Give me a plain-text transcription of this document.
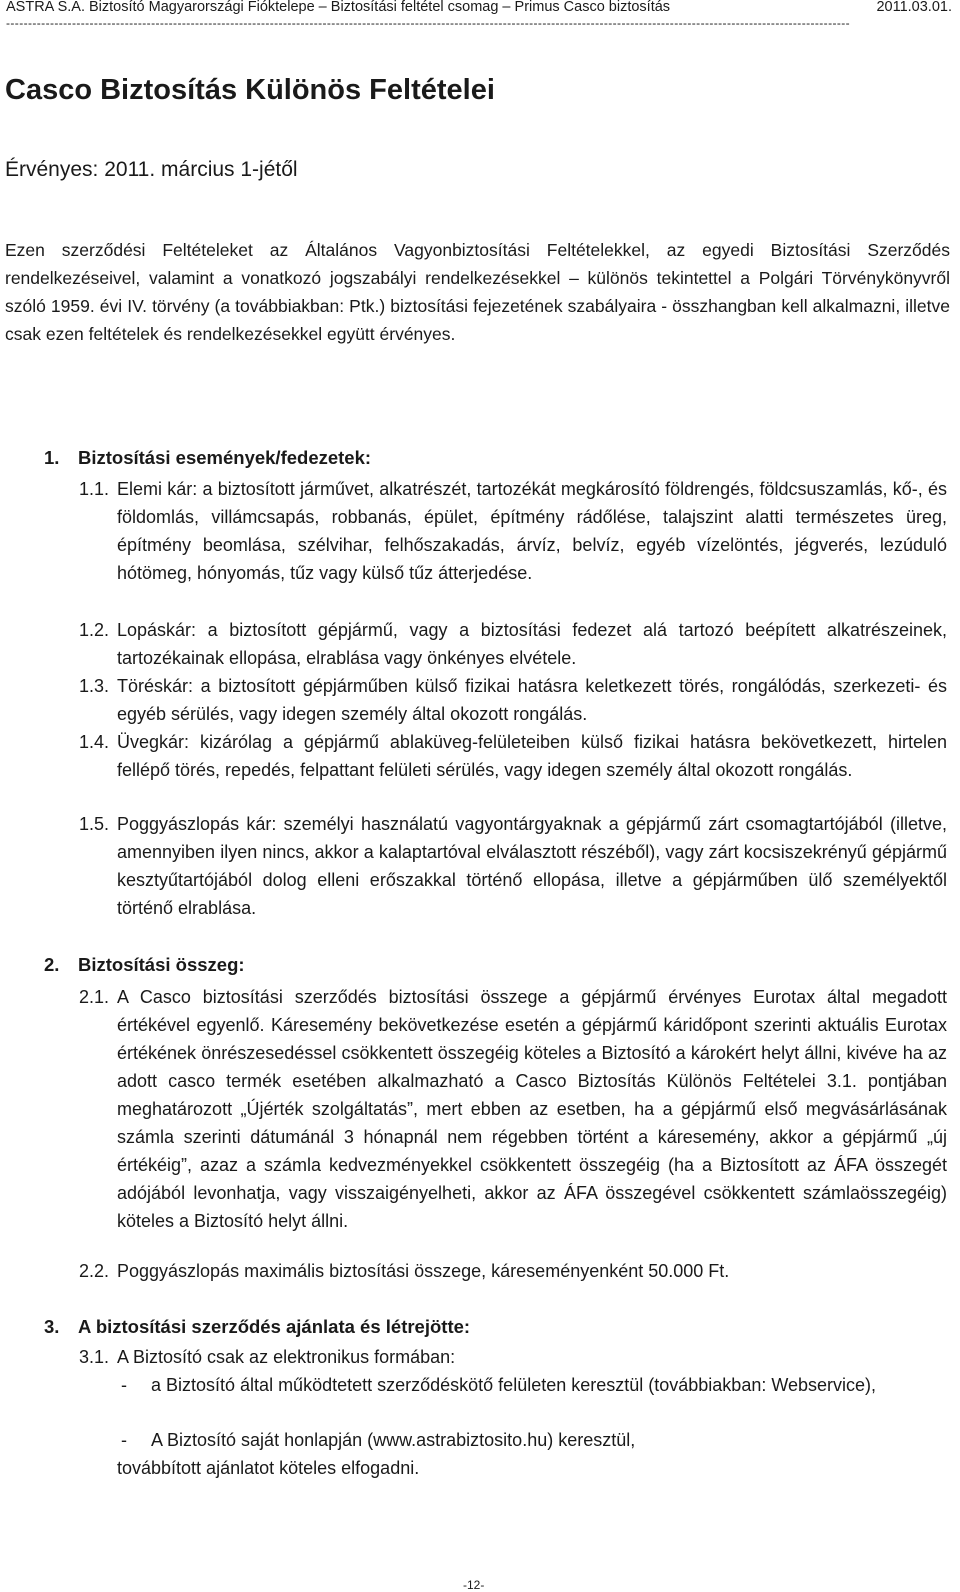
ASTRA S.A. Biztosító Magyarországi Fióktelepe – Biztosítási feltétel csomag – Primus Casco biztosítás	2011.03.01.
------------------------------------------------------------------------------------------------------------------------------------------------------------------------------------------------
Casco Biztosítás Különös Feltételei
Érvényes: 2011. március 1-jétől

Ezen szerződési Feltételeket az Általános Vagyonbiztosítási Feltételekkel, az egyedi Biztosítási Szerződés rendelkezéseivel, valamint a vonatkozó jogszabályi rendelkezésekkel – különös tekintettel a Polgári Törvénykönyvről szóló 1959. évi IV. törvény (a továbbiakban: Ptk.) biztosítási fejezetének szabályaira - összhangban kell alkalmazni, illetve csak ezen feltételek és rendelkezésekkel együtt érvényes.

1. Biztosítási események/fedezetek:
1.1. Elemi kár: a biztosított járművet, alkatrészét, tartozékát megkárosító földrengés, földcsuszamlás, kő-, és földomlás, villámcsapás, robbanás, épület, építmény rádőlése, talajszint alatti természetes üreg, építmény beomlása, szélvihar, felhőszakadás, árvíz, belvíz, egyéb vízelöntés, jégverés, lezúduló hótömeg, hónyomás, tűz vagy külső tűz átterjedése.
1.2. Lopáskár: a biztosított gépjármű, vagy a biztosítási fedezet alá tartozó beépített alkatrészeinek, tartozékainak ellopása, elrablása vagy önkényes elvétele.
1.3. Töréskár: a biztosított gépjárműben külső fizikai hatásra keletkezett törés, rongálódás, szerkezeti- és egyéb sérülés, vagy idegen személy által okozott rongálás.
1.4. Üvegkár: kizárólag a gépjármű ablaküveg-felületeiben külső fizikai hatásra bekövetkezett, hirtelen fellépő törés, repedés, felpattant felületi sérülés, vagy idegen személy által okozott rongálás.
1.5. Poggyászlopás kár: személyi használatú vagyontárgyaknak a gépjármű zárt csomagtartójából (illetve, amennyiben ilyen nincs, akkor a kalaptartóval elválasztott részéből), vagy zárt kocsiszekrényű gépjármű kesztyűtartójából dolog elleni erőszakkal történő ellopása, illetve a gépjárműben ülő személyektől történő elrablása.
2. Biztosítási összeg:
2.1. A Casco biztosítási szerződés biztosítási összege a gépjármű érvényes Eurotax által megadott értékével egyenlő. Káresemény bekövetkezése esetén a gépjármű káridőpont szerinti aktuális Eurotax értékének önrészesedéssel csökkentett összegéig köteles a Biztosító a károkért helyt állni, kivéve ha az adott casco termék esetében alkalmazható a Casco Biztosítás Különös Feltételei 3.1. pontjában meghatározott „Újérték szolgáltatás”, mert ebben az esetben, ha a gépjármű első megvásárlásának számla szerinti dátumánál 3 hónapnál nem régebben történt a káresemény, akkor a gépjármű „új értékéig”, azaz a számla kedvezményekkel csökkentett összegéig (ha a Biztosított az ÁFA összegét adójából levonhatja, vagy visszaigényelheti, akkor az ÁFA összegével csökkentett számlaösszegéig) köteles a Biztosító helyt állni.
2.2. Poggyászlopás maximális biztosítási összege, káreseményenként 50.000 Ft.
3. A biztosítási szerződés ajánlata és létrejötte:
3.1. A Biztosító csak az elektronikus formában:
- a Biztosító által működtetett szerződéskötő felületen keresztül (továbbiakban: Webservice),
- A Biztosító saját honlapján (www.astrabiztosito.hu) keresztül,
továbbított ajánlatot köteles elfogadni.
-12-
